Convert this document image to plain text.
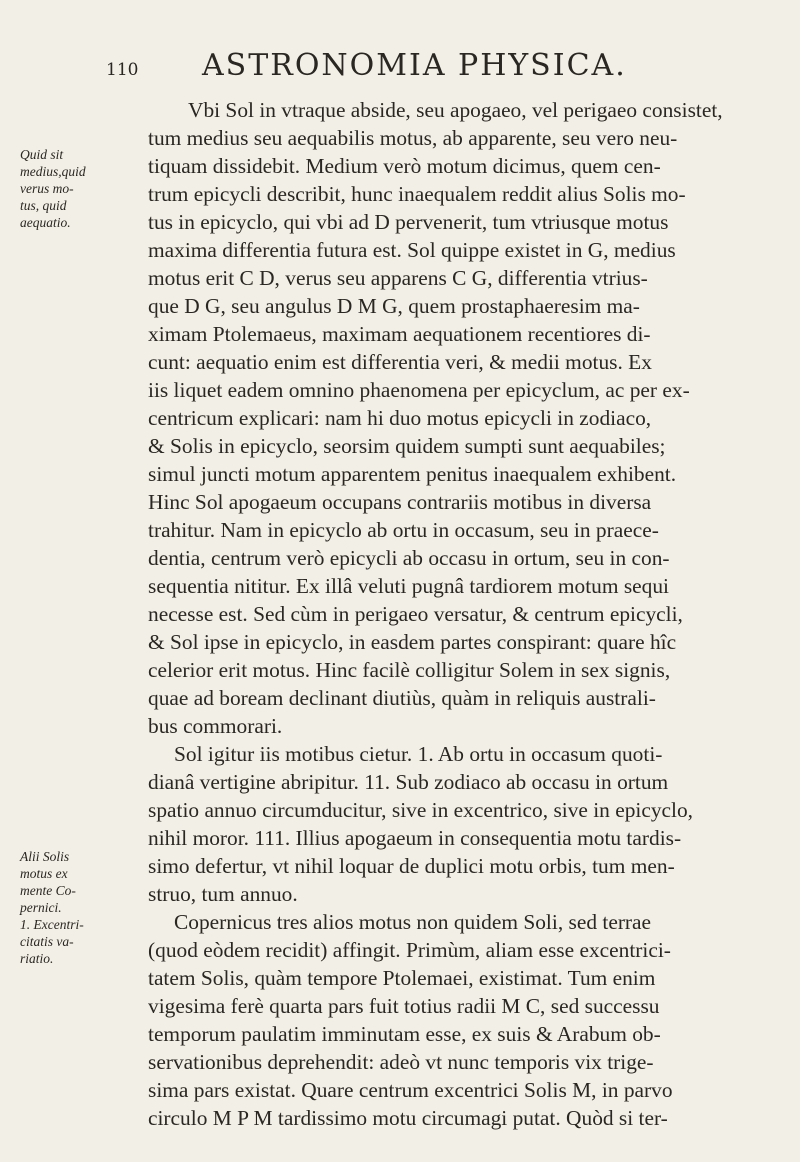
110 ASTRONOMIA PHYSICA.
Quid sit
medius,quid
verus mo-
tus, quid
aequatio.
Alii Solis
motus ex
mente Co-
pernici.
1. Excentri-
citatis va-
riatio.
Vbi Sol in vtraque abside, seu apogaeo, vel perigaeo consistet,
tum medius seu aequabilis motus, ab apparente, seu vero neu-
tiquam dissidebit. Medium verò motum dicimus, quem cen-
trum epicycli describit, hunc inaequalem reddit alius Solis mo-
tus in epicyclo, qui vbi ad D pervenerit, tum vtriusque motus
maxima differentia futura est. Sol quippe existet in G, medius
motus erit C D, verus seu apparens C G, differentia vtrius-
que D G, seu angulus D M G, quem prostaphaeresim ma-
ximam Ptolemaeus, maximam aequationem recentiores di-
cunt: aequatio enim est differentia veri, & medii motus. Ex
iis liquet eadem omnino phaenomena per epicyclum, ac per ex-
centricum explicari: nam hi duo motus epicycli in zodiaco,
& Solis in epicyclo, seorsim quidem sumpti sunt aequabiles;
simul juncti motum apparentem penitus inaequalem exhibent.
Hinc Sol apogaeum occupans contrariis motibus in diversa
trahitur. Nam in epicyclo ab ortu in occasum, seu in praece-
dentia, centrum verò epicycli ab occasu in ortum, seu in con-
sequentia nititur. Ex illâ veluti pugnâ tardiorem motum sequi
necesse est. Sed cùm in perigaeo versatur, & centrum epicycli,
& Sol ipse in epicyclo, in easdem partes conspirant: quare hîc
celerior erit motus. Hinc facilè colligitur Solem in sex signis,
quae ad boream declinant diutiùs, quàm in reliquis australi-
bus commorari.
Sol igitur iis motibus cietur. 1. Ab ortu in occasum quoti-
dianâ vertigine abripitur. 11. Sub zodiaco ab occasu in ortum
spatio annuo circumducitur, sive in excentrico, sive in epicyclo,
nihil moror. 111. Illius apogaeum in consequentia motu tardis-
simo defertur, vt nihil loquar de duplici motu orbis, tum men-
struo, tum annuo.
Copernicus tres alios motus non quidem Soli, sed terrae
(quod eòdem recidit) affingit. Primùm, aliam esse excentrici-
tatem Solis, quàm tempore Ptolemaei, existimat. Tum enim
vigesima ferè quarta pars fuit totius radii M C, sed successu
temporum paulatim imminutam esse, ex suis & Arabum ob-
servationibus deprehendit: adeò vt nunc temporis vix trige-
sima pars existat. Quare centrum excentrici Solis M, in parvo
circulo M P M tardissimo motu circumagi putat. Quòd si ter-
